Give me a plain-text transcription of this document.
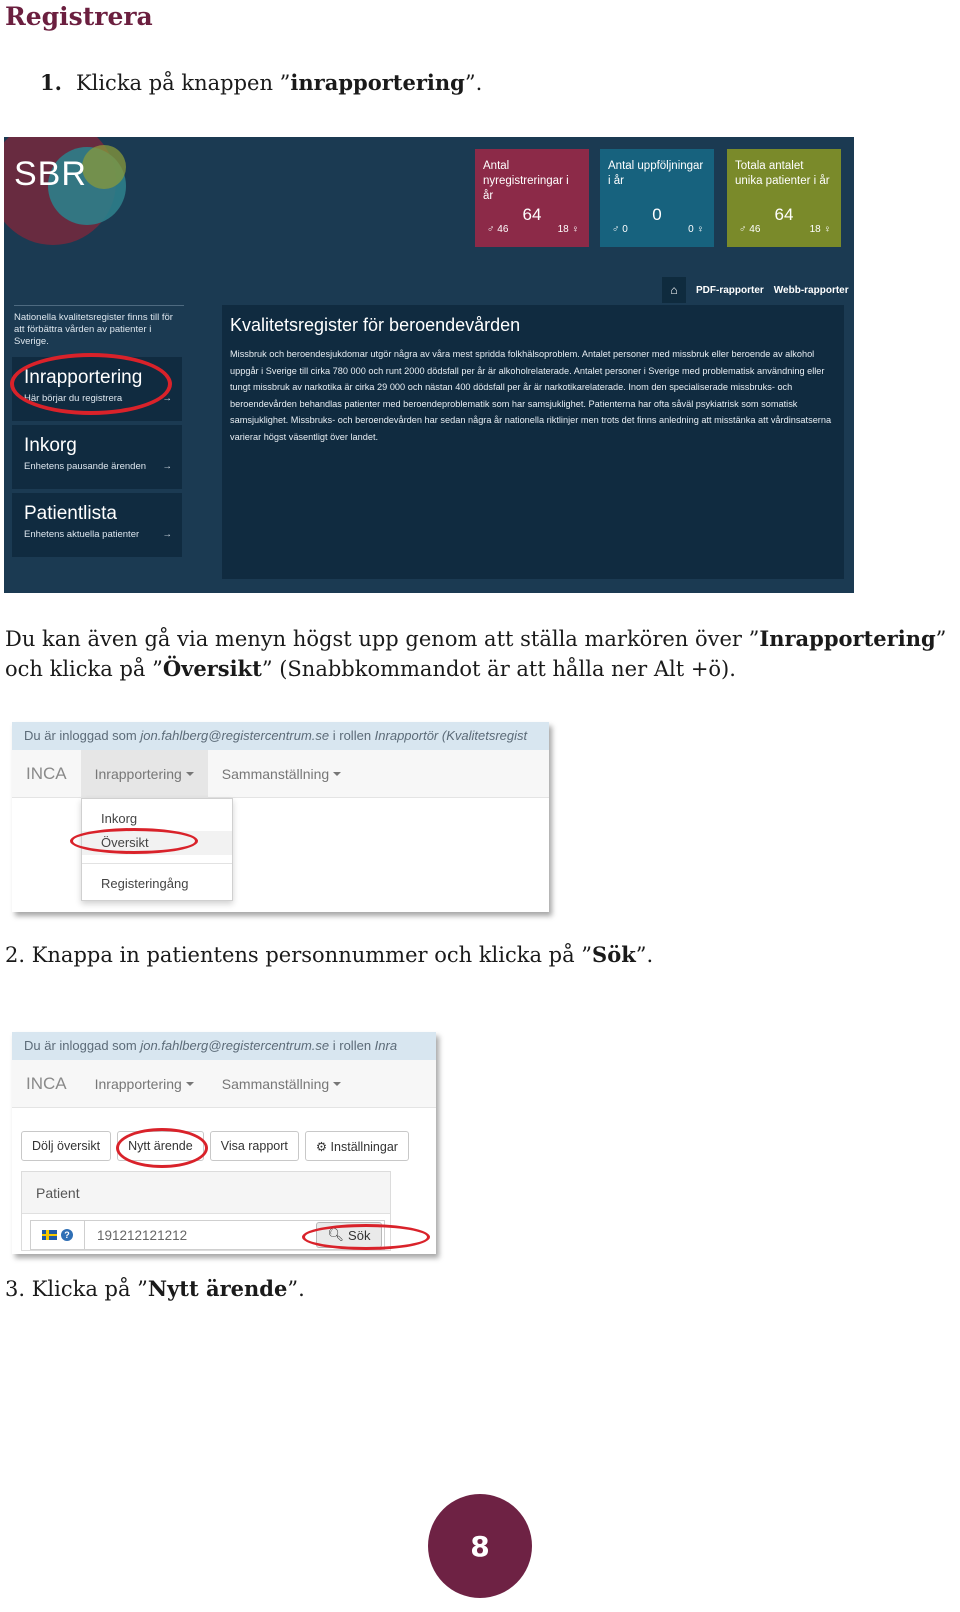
Registrera
1. Klicka på knappen ”inrapportering”.
SBR	Antal nyregistreringar i år
64
♂ 46	18 ♀
Antal uppföljningar i år
0
♂ 0	0 ♀
Totala antalet unika patienter i år
64
♂ 46	18 ♀
⌂	PDF-rapporter Webb-rapporter
Nationella kvalitetsregister finns till för att förbättra vården av patienter i Sverige.
Inrapportering
Här börjar du registrera	→
Inkorg
Enhetens pausande ärenden →
Patientlista
Enhetens aktuella patienter →
Kvalitetsregister för beroendevården
Missbruk och beroendesjukdomar utgör några av våra mest spridda folkhälsoproblem. Antalet personer med missbruk eller beroende av alkohol uppgår i Sverige till cirka 780 000 och runt 2000 dödsfall per år är alkoholrelaterade. Antalet personer i Sverige med problematisk användning eller tungt missbruk av narkotika är cirka 29 000 och nästan 400 dödsfall per år är narkotikarelaterade. Inom den specialiserade missbruks- och beroendevården behandlas patienter med beroendeproblematik som har samsjuklighet. Patienterna har ofta såväl psykiatrisk som somatisk samsjuklighet. Missbruks- och beroendevården har sedan några år nationella riktlinjer men trots det finns anledning att misstänka att vårdinsatserna varierar högst väsentligt över landet.
Du kan även gå via menyn högst upp genom att ställa markören över ”Inrapportering” och klicka på ”Översikt” (Snabbkommandot är att hålla ner Alt +ö).
Du är inloggad som jon.fahlberg@registercentrum.se i rollen Inrapportör (Kvalitetsregist
INCA	Inrapportering	Sammanställning
Inkorg
Översikt
Registeringång
2. Knappa in patientens personnummer och klicka på ”Sök”.
Du är inloggad som jon.fahlberg@registercentrum.se i rollen Inra
INCA	Inrapportering	Sammanställning
Dölj översikt	Nytt ärende	Visa rapport	⚙ Inställningar
Patient
?	191212121212	🔍︎ Sök
3. Klicka på ”Nytt ärende”.
8
